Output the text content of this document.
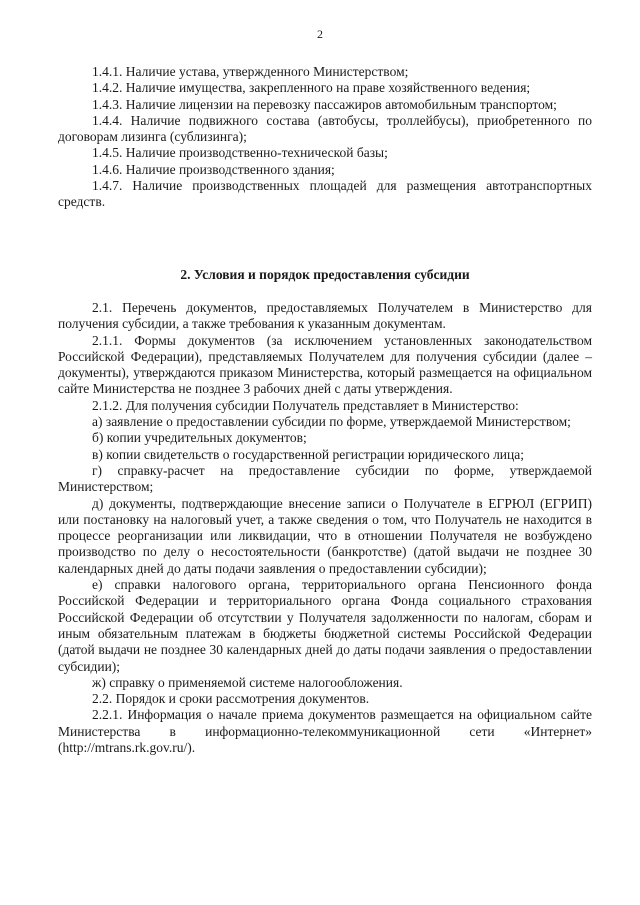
2

1.4.1. Наличие устава, утвержденного Министерством;

1.4.2. Наличие имущества, закрепленного на праве хозяйственного ведения;

1.4.3. Наличие лицензии на перевозку пассажиров автомобильным транспортом;

1.4.4. Наличие подвижного состава (автобусы, троллейбусы), приобретенного по договорам лизинга (сублизинга);

1.4.5. Наличие производственно-технической базы;

1.4.6. Наличие производственного здания;

1.4.7. Наличие производственных площадей для размещения автотранспортных средств.

2. Условия и порядок предоставления субсидии

2.1. Перечень документов, предоставляемых Получателем в Министерство для получения субсидии, а также требования к указанным документам.

2.1.1. Формы документов (за исключением установленных законодательством Российской Федерации), представляемых Получателем для получения субсидии (далее – документы), утверждаются приказом Министерства, который размещается на официальном сайте Министерства не позднее 3 рабочих дней с даты утверждения.

2.1.2. Для получения субсидии Получатель представляет в Министерство:

а) заявление о предоставлении субсидии по форме, утверждаемой Министерством;

б) копии учредительных документов;

в) копии свидетельств о государственной регистрации юридического лица;

г) справку-расчет на предоставление субсидии по форме, утверждаемой Министерством;

д) документы, подтверждающие внесение записи о Получателе в ЕГРЮЛ (ЕГРИП) или постановку на налоговый учет, а также сведения о том, что Получатель не находится в процессе реорганизации или ликвидации, что в отношении Получателя не возбуждено производство по делу о несостоятельности (банкротстве) (датой выдачи не позднее 30 календарных дней до даты подачи заявления о предоставлении субсидии);

е) справки налогового органа, территориального органа Пенсионного фонда Российской Федерации и территориального органа Фонда социального страхования Российской Федерации об отсутствии у Получателя задолженности по налогам, сборам и иным обязательным платежам в бюджеты бюджетной системы Российской Федерации (датой выдачи не позднее 30 календарных дней до даты подачи заявления о предоставлении субсидии);

ж) справку о применяемой системе налогообложения.

2.2. Порядок и сроки рассмотрения документов.

2.2.1. Информация о начале приема документов размещается на официальном сайте Министерства в информационно-телекоммуникационной сети «Интернет» (http://mtrans.rk.gov.ru/).
